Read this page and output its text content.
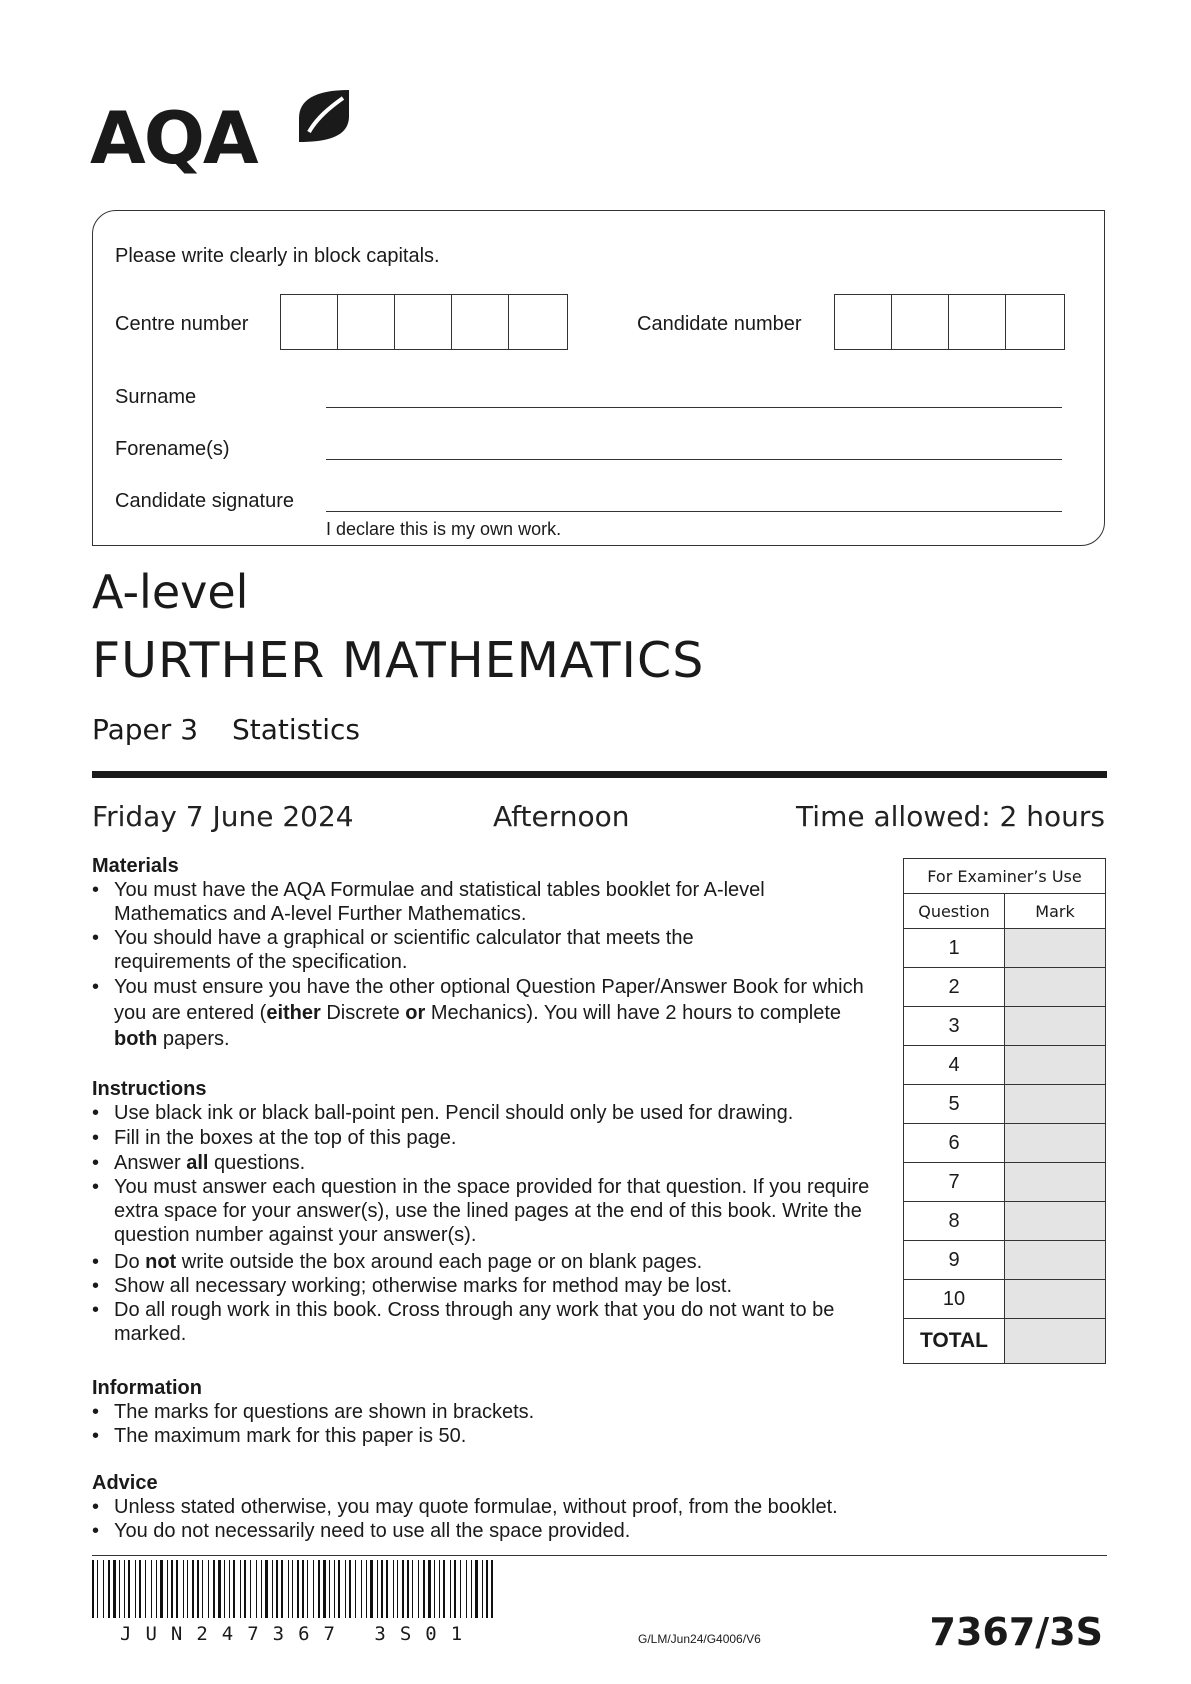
AQA
Please write clearly in block capitals.
Centre number	Candidate number
Surname
Forename(s)
Candidate signature
I declare this is my own work.
A-level
FURTHER MATHEMATICS
Paper 3 Statistics
Friday 7 June 2024	Afternoon	Time allowed: 2 hours
Materials
• You must have the AQA Formulae and statistical tables booklet for A-level Mathematics and A-level Further Mathematics.
• You should have a graphical or scientific calculator that meets the requirements of the specification.
• You must ensure you have the other optional Question Paper/Answer Book for which you are entered (either Discrete or Mechanics). You will have 2 hours to complete both papers.
Instructions
• Use black ink or black ball-point pen. Pencil should only be used for drawing.
• Fill in the boxes at the top of this page.
• Answer all questions.
• You must answer each question in the space provided for that question. If you require extra space for your answer(s), use the lined pages at the end of this book. Write the question number against your answer(s).
• Do not write outside the box around each page or on blank pages.
• Show all necessary working; otherwise marks for method may be lost.
• Do all rough work in this book. Cross through any work that you do not want to be marked.
Information
• The marks for questions are shown in brackets.
• The maximum mark for this paper is 50.
Advice
• Unless stated otherwise, you may quote formulae, without proof, from the booklet.
• You do not necessarily need to use all the space provided.
For Examiner’s Use	
Question	Mark
1	
2	
3	
4	
5	
6	
7	
8	
9	
10	
TOTAL	
JUN247367 3S01	G/LM/Jun24/G4006/V6	7367/3S
